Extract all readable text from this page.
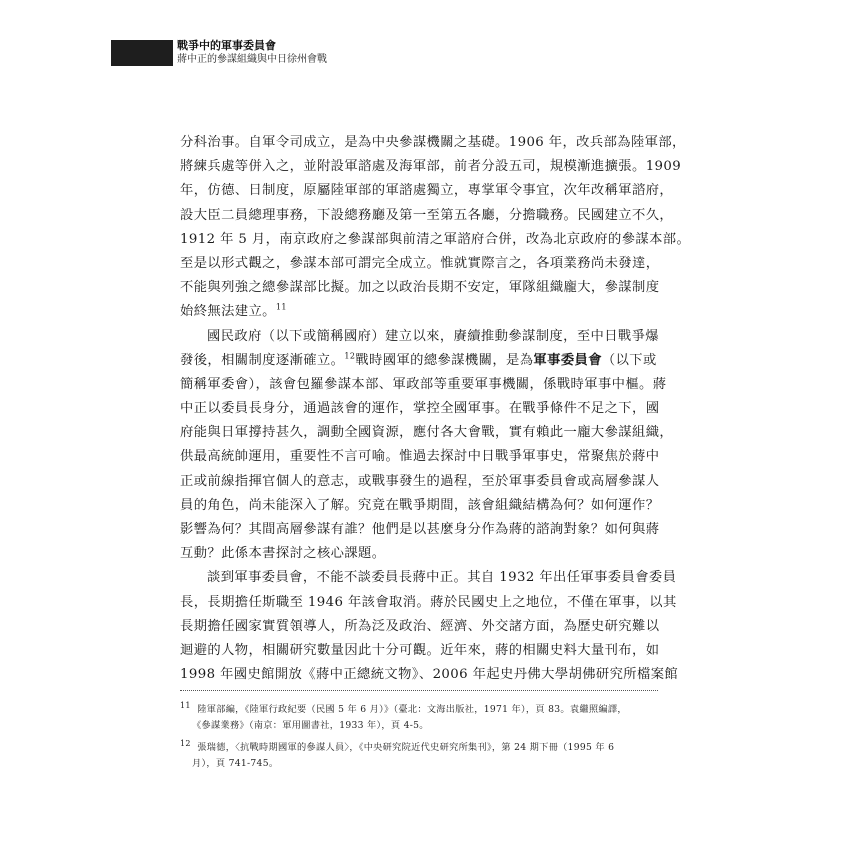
戰爭中的軍事委員會
蔣中正的參謀組織與中日徐州會戰
分科治事。自軍令司成立，是為中央參謀機關之基礎。1906 年，改兵部為陸軍部，
將練兵處等併入之，並附設軍諮處及海軍部，前者分設五司，規模漸進擴張。1909
年，仿德、日制度，原屬陸軍部的軍諮處獨立，專掌軍令事宜，次年改稱軍諮府，
設大臣二員總理事務，下設總務廳及第一至第五各廳，分擔職務。民國建立不久，
1912 年 5 月，南京政府之參謀部與前清之軍諮府合併，改為北京政府的參謀本部。
至是以形式觀之，參謀本部可謂完全成立。惟就實際言之，各項業務尚未發達，
不能與列強之總參謀部比擬。加之以政治長期不安定，軍隊組織龐大，參謀制度
始終無法建立。$^{11}$
國民政府（以下或簡稱國府）建立以來，賡續推動參謀制度，至中日戰爭爆
發後，相關制度逐漸確立。$^{12}$戰時國軍的總參謀機關，是為軍事委員會（以下或
簡稱軍委會），該會包羅參謀本部、軍政部等重要軍事機關，係戰時軍事中樞。蔣
中正以委員長身分，通過該會的運作，掌控全國軍事。在戰爭條件不足之下，國
府能與日軍撐持甚久，調動全國資源，應付各大會戰，實有賴此一龐大參謀組織，
供最高統帥運用，重要性不言可喻。惟過去探討中日戰爭軍事史，常聚焦於蔣中
正或前線指揮官個人的意志，或戰事發生的過程，至於軍事委員會或高層參謀人
員的角色，尚未能深入了解。究竟在戰爭期間，該會組織結構為何？如何運作？
影響為何？其間高層參謀有誰？他們是以甚麼身分作為蔣的諮詢對象？如何與蔣
互動？此係本書探討之核心課題。
談到軍事委員會，不能不談委員長蔣中正。其自 1932 年出任軍事委員會委員
長，長期擔任斯職至 1946 年該會取消。蔣於民國史上之地位，不僅在軍事，以其
長期擔任國家實質領導人，所為泛及政治、經濟、外交諸方面，為歷史研究難以
迴避的人物，相關研究數量因此十分可觀。近年來，蔣的相關史料大量刊布，如
1998 年國史館開放《蔣中正總統文物》、2006 年起史丹佛大學胡佛研究所檔案館
$^{11}$ 陸軍部編，《陸軍行政紀要（民國 5 年 6 月）》（臺北：文海出版社，1971 年），頁 83。袁繼照編譯，
《參謀業務》（南京：軍用圖書社，1933 年），頁 4-5。
$^{12}$ 張瑞德，〈抗戰時期國軍的參謀人員〉，《中央研究院近代史研究所集刊》，第 24 期下冊（1995 年 6
月），頁 741-745。
